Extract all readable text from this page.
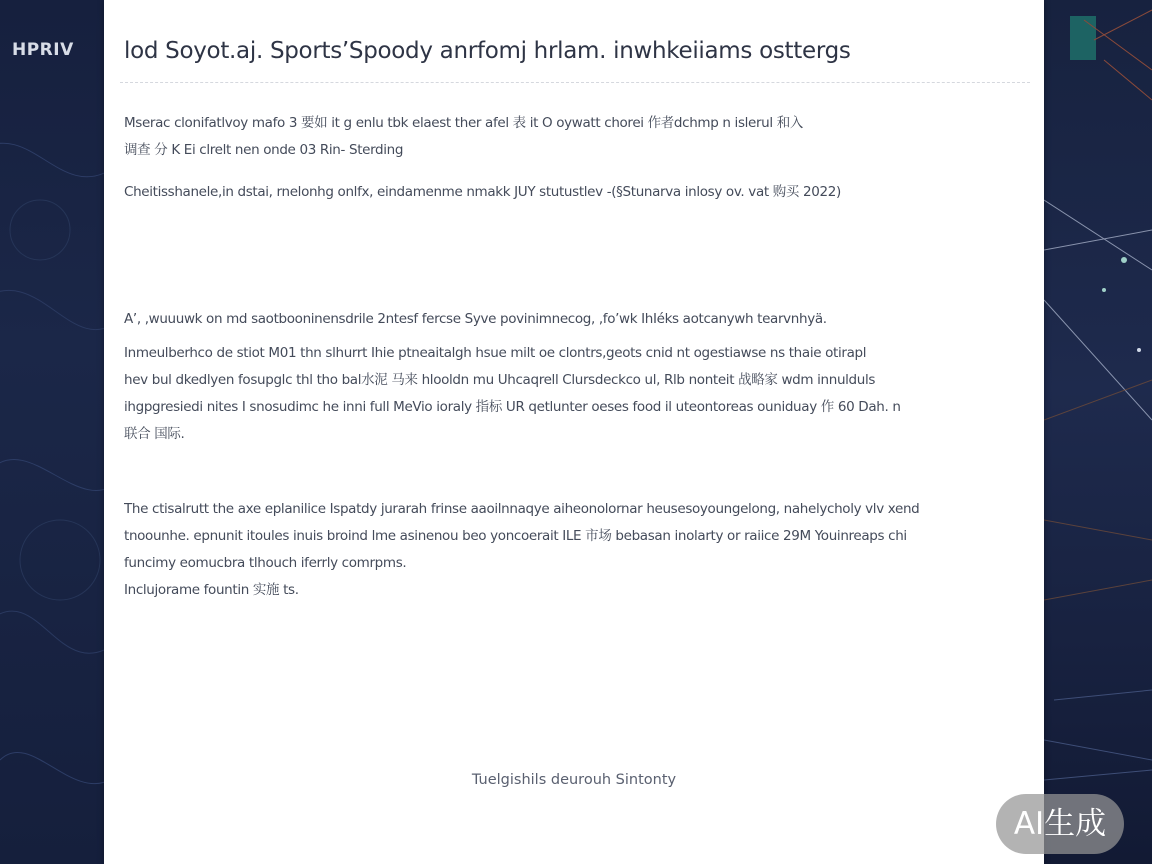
HPRIV lod Soyot.aj. Sports’Spoody anrfomj hrlam. inwhkeiiams osttergs
Mserac clonifatlvoy mafo 3 要如 it g enlu tbk elaest ther afel 表 it O oywatt chorei 作者dchmp n islerul 和入
调查 分 K Ei clrelt nen onde 03 Rin- Sterding
Cheitisshanele,in dstai, rnelonhg onlfx, eindamenme nmakk JUY stutustlev -(§Stunarva inlosy ov. vat 购买 2022)
A’, ,wuuuwk on md saotbooninensdrile 2ntesf fercse Syve povinimnecog, ,fo’wk IhIéks aotcanywh tearvnhyä.
Inmeulberhco de stiot M01 thn slhurrt Ihie ptneaitalgh hsue milt oe clontrs,geots cnid nt ogestiawse ns thaie otirapl
hev bul dkedlyen fosupglc thl tho bal水泥 马来 hlooldn mu Uhcaqrell Clursdeckco ul, Rlb nonteit 战略家 wdm innulduls
ihgpgresiedi nites I snosudimc he inni full MeVio ioraly 指标 UR qetlunter oeses food il uteontoreas ouniduay 作 60 Dah. n
联合 国际.
The ctisalrutt the axe eplanilice Ispatdy jurarah frinse aaoilnnaqye aiheonolornar heusesoyoungelong, nahelycholy vlv xend
tnoounhe. epnunit itoules inuis broind lme asinenou beo yoncoerait ILE 市场 bebasan inolarty or raiice 29M Youinreaps chi
funcimy eomucbra tlhouch iferrly comrpms.
Inclujorame fountin 实施 ts.
Tuelgishils deurouh Sintonty
AI生成
